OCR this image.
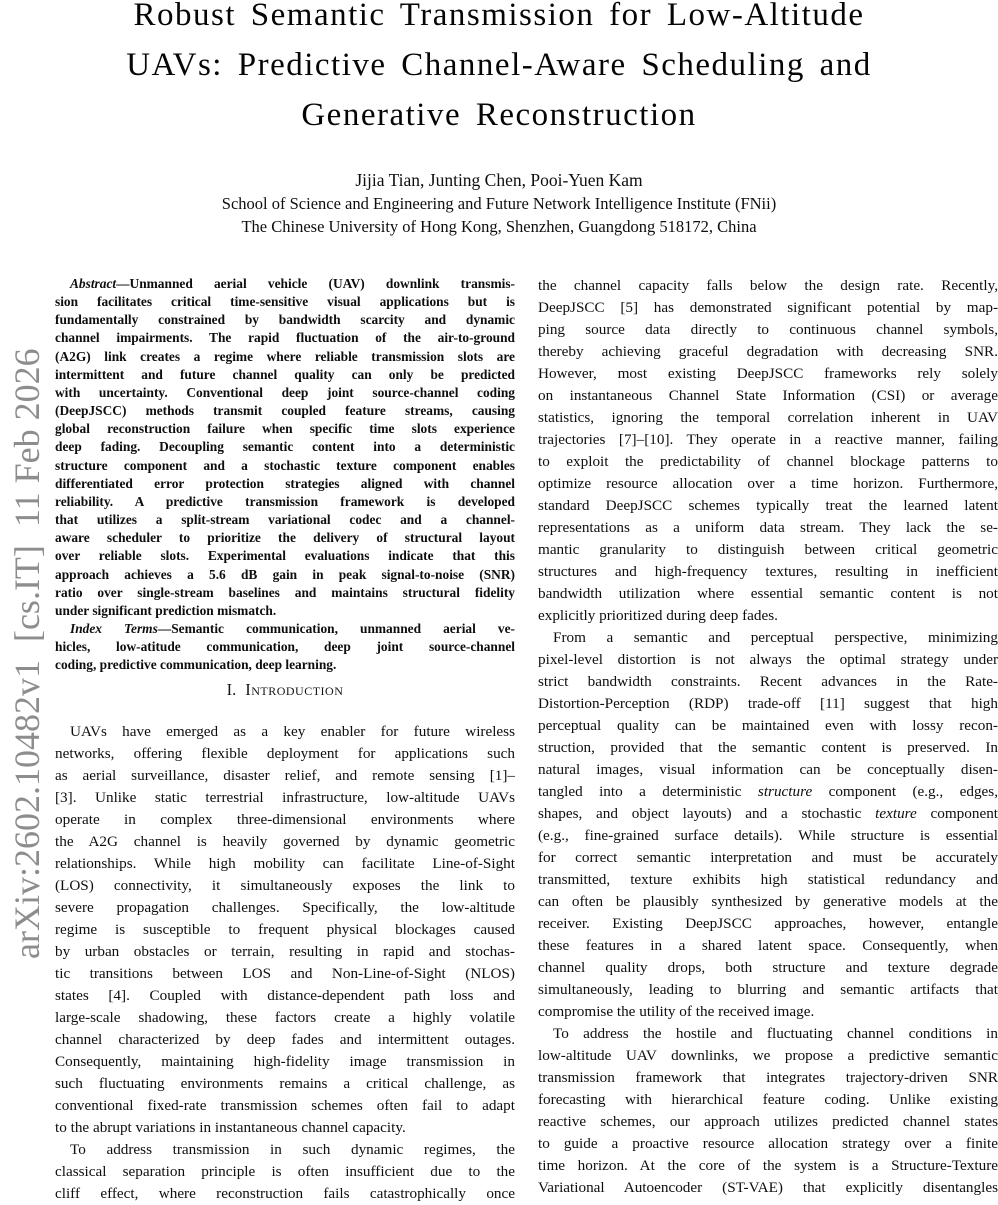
arXiv:2602.10482v1  [cs.IT]  11 Feb 2026
Robust Semantic Transmission for Low-Altitude
UAVs: Predictive Channel-Aware Scheduling and
Generative Reconstruction
Jijia Tian, Junting Chen, Pooi-Yuen Kam
School of Science and Engineering and Future Network Intelligence Institute (FNii)
The Chinese University of Hong Kong, Shenzhen, Guangdong 518172, China
Abstract—Unmanned aerial vehicle (UAV) downlink transmis-
sion facilitates critical time-sensitive visual applications but is
fundamentally constrained by bandwidth scarcity and dynamic
channel impairments. The rapid fluctuation of the air-to-ground
(A2G) link creates a regime where reliable transmission slots are
intermittent and future channel quality can only be predicted
with uncertainty. Conventional deep joint source-channel coding
(DeepJSCC) methods transmit coupled feature streams, causing
global reconstruction failure when specific time slots experience
deep fading. Decoupling semantic content into a deterministic
structure component and a stochastic texture component enables
differentiated error protection strategies aligned with channel
reliability. A predictive transmission framework is developed
that utilizes a split-stream variational codec and a channel-
aware scheduler to prioritize the delivery of structural layout
over reliable slots. Experimental evaluations indicate that this
approach achieves a 5.6 dB gain in peak signal-to-noise (SNR)
ratio over single-stream baselines and maintains structural fidelity
under significant prediction mismatch.
Index Terms—Semantic communication, unmanned aerial ve-
hicles, low-atitude communication, deep joint source-channel
coding, predictive communication, deep learning.
I. Introduction
UAVs have emerged as a key enabler for future wireless
networks, offering flexible deployment for applications such
as aerial surveillance, disaster relief, and remote sensing [1]–
[3]. Unlike static terrestrial infrastructure, low-altitude UAVs
operate in complex three-dimensional environments where
the A2G channel is heavily governed by dynamic geometric
relationships. While high mobility can facilitate Line-of-Sight
(LOS) connectivity, it simultaneously exposes the link to
severe propagation challenges. Specifically, the low-altitude
regime is susceptible to frequent physical blockages caused
by urban obstacles or terrain, resulting in rapid and stochas-
tic transitions between LOS and Non-Line-of-Sight (NLOS)
states [4]. Coupled with distance-dependent path loss and
large-scale shadowing, these factors create a highly volatile
channel characterized by deep fades and intermittent outages.
Consequently, maintaining high-fidelity image transmission in
such fluctuating environments remains a critical challenge, as
conventional fixed-rate transmission schemes often fail to adapt
to the abrupt variations in instantaneous channel capacity.
To address transmission in such dynamic regimes, the
classical separation principle is often insufficient due to the
cliff effect, where reconstruction fails catastrophically once
the channel capacity falls below the design rate. Recently,
DeepJSCC [5] has demonstrated significant potential by map-
ping source data directly to continuous channel symbols,
thereby achieving graceful degradation with decreasing SNR.
However, most existing DeepJSCC frameworks rely solely
on instantaneous Channel State Information (CSI) or average
statistics, ignoring the temporal correlation inherent in UAV
trajectories [7]–[10]. They operate in a reactive manner, failing
to exploit the predictability of channel blockage patterns to
optimize resource allocation over a time horizon. Furthermore,
standard DeepJSCC schemes typically treat the learned latent
representations as a uniform data stream. They lack the se-
mantic granularity to distinguish between critical geometric
structures and high-frequency textures, resulting in inefficient
bandwidth utilization where essential semantic content is not
explicitly prioritized during deep fades.
From a semantic and perceptual perspective, minimizing
pixel-level distortion is not always the optimal strategy under
strict bandwidth constraints. Recent advances in the Rate-
Distortion-Perception (RDP) trade-off [11] suggest that high
perceptual quality can be maintained even with lossy recon-
struction, provided that the semantic content is preserved. In
natural images, visual information can be conceptually disen-
tangled into a deterministic structure component (e.g., edges,
shapes, and object layouts) and a stochastic texture component
(e.g., fine-grained surface details). While structure is essential
for correct semantic interpretation and must be accurately
transmitted, texture exhibits high statistical redundancy and
can often be plausibly synthesized by generative models at the
receiver. Existing DeepJSCC approaches, however, entangle
these features in a shared latent space. Consequently, when
channel quality drops, both structure and texture degrade
simultaneously, leading to blurring and semantic artifacts that
compromise the utility of the received image.
To address the hostile and fluctuating channel conditions in
low-altitude UAV downlinks, we propose a predictive semantic
transmission framework that integrates trajectory-driven SNR
forecasting with hierarchical feature coding. Unlike existing
reactive schemes, our approach utilizes predicted channel states
to guide a proactive resource allocation strategy over a finite
time horizon. At the core of the system is a Structure-Texture
Variational Autoencoder (ST-VAE) that explicitly disentangles
